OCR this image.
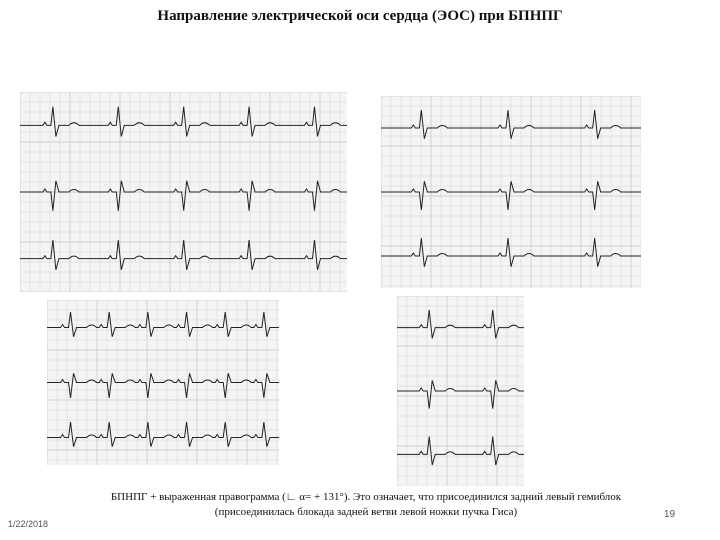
Направление электрической оси сердца (ЭОС) при БПНПГ
БПНПГ + выраженная правограмма (∟ α= + 131°). Это означает, что присоединился задний левый гемиблок (присоединилась блокада задней ветви левой ножки пучка Гиса)
1/22/2018
19
